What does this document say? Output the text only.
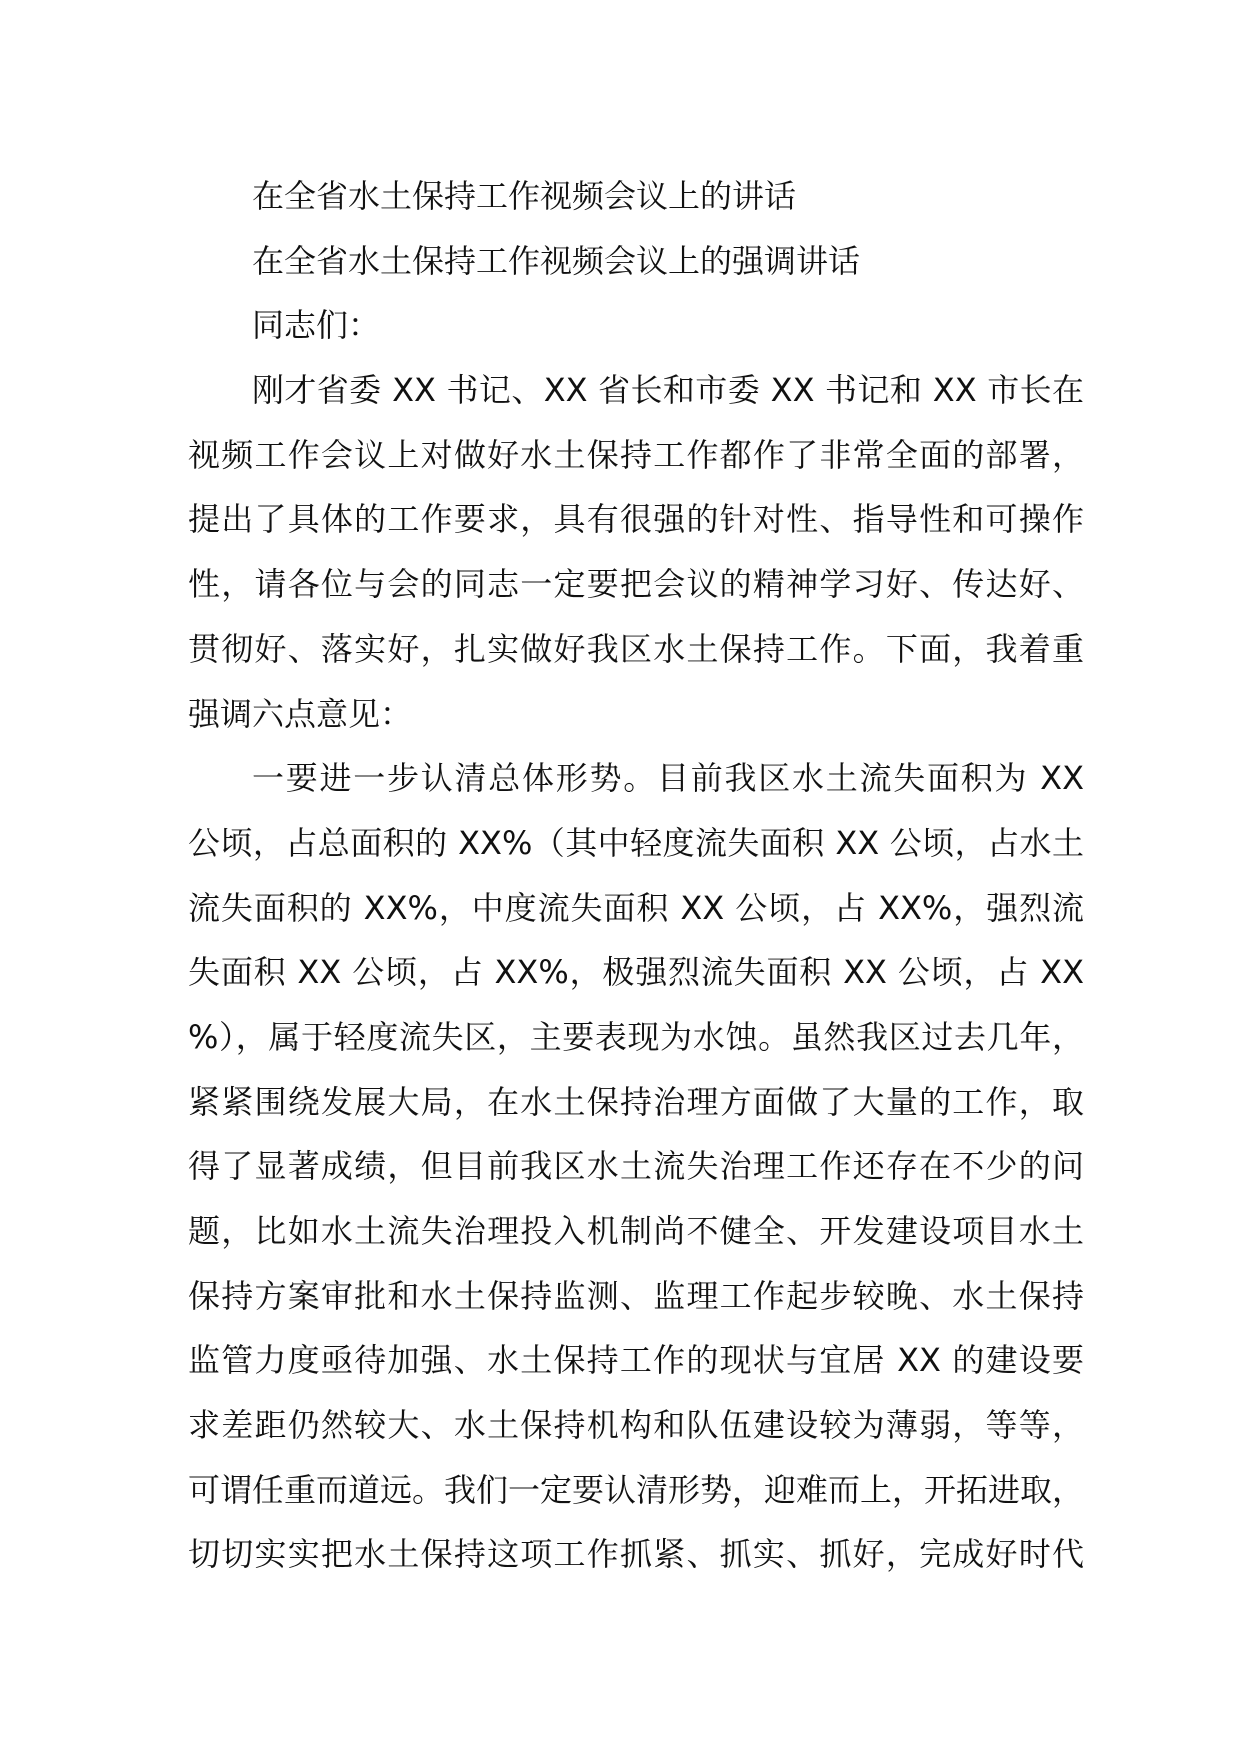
在全省水土保持工作视频会议上的讲话
在全省水土保持工作视频会议上的强调讲话
同志们：
刚才省委 XX 书记、XX 省长和市委 XX 书记和 XX 市长在
视频工作会议上对做好水土保持工作都作了非常全面的部署，
提出了具体的工作要求，具有很强的针对性、指导性和可操作
性，请各位与会的同志一定要把会议的精神学习好、传达好、
贯彻好、落实好，扎实做好我区水土保持工作。下面，我着重
强调六点意见：
一要进一步认清总体形势。目前我区水土流失面积为 XX
公顷，占总面积的 XX%（其中轻度流失面积 XX 公顷，占水土
流失面积的 XX%，中度流失面积 XX 公顷，占 XX%，强烈流
失面积 XX 公顷，占 XX%，极强烈流失面积 XX 公顷，占 XX
%），属于轻度流失区，主要表现为水蚀。虽然我区过去几年，
紧紧围绕发展大局，在水土保持治理方面做了大量的工作，取
得了显著成绩，但目前我区水土流失治理工作还存在不少的问
题，比如水土流失治理投入机制尚不健全、开发建设项目水土
保持方案审批和水土保持监测、监理工作起步较晚、水土保持
监管力度亟待加强、水土保持工作的现状与宜居 XX 的建设要
求差距仍然较大、水土保持机构和队伍建设较为薄弱，等等，
可谓任重而道远。我们一定要认清形势，迎难而上，开拓进取，
切切实实把水土保持这项工作抓紧、抓实、抓好，完成好时代
